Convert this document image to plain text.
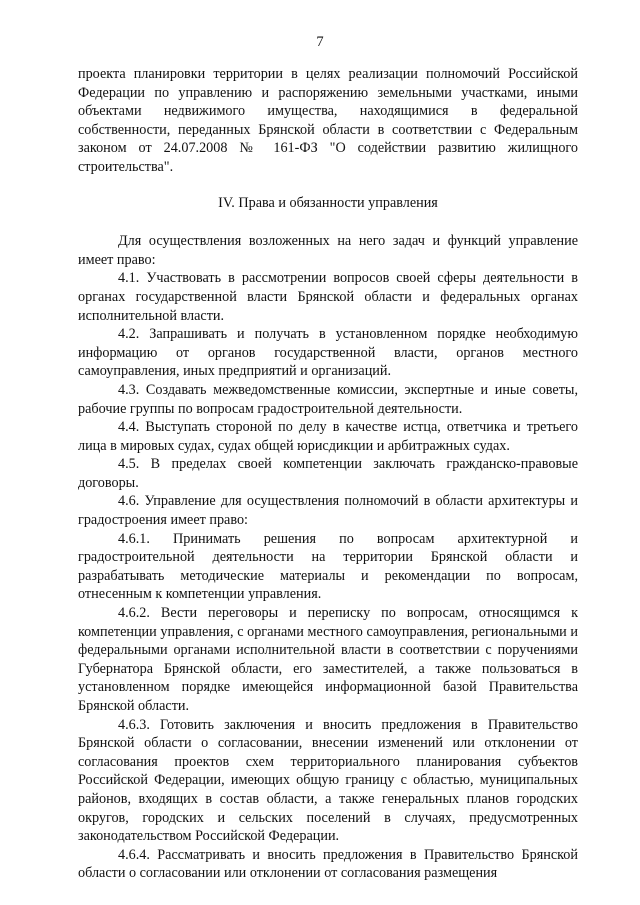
7

проекта планировки территории в целях реализации полномочий Российской Федерации по управлению и распоряжению земельными участками, иными объектами недвижимого имущества, находящимися в федеральной собственности, переданных Брянской области в соответствии с Федеральным законом от 24.07.2008 № 161-ФЗ "О содействии развитию жилищного строительства".

IV. Права и обязанности управления

Для осуществления возложенных на него задач и функций управление имеет право:

4.1. Участвовать в рассмотрении вопросов своей сферы деятельности в органах государственной власти Брянской области и федеральных органах исполнительной власти.

4.2. Запрашивать и получать в установленном порядке необходимую информацию от органов государственной власти, органов местного самоуправления, иных предприятий и организаций.

4.3. Создавать межведомственные комиссии, экспертные и иные советы, рабочие группы по вопросам градостроительной деятельности.

4.4. Выступать стороной по делу в качестве истца, ответчика и третьего лица в мировых судах, судах общей юрисдикции и арбитражных судах.

4.5. В пределах своей компетенции заключать гражданско-правовые договоры.

4.6. Управление для осуществления полномочий в области архитектуры и градостроения имеет право:

4.6.1. Принимать решения по вопросам архитектурной и градостроительной деятельности на территории Брянской области и разрабатывать методические материалы и рекомендации по вопросам, отнесенным к компетенции управления.

4.6.2. Вести переговоры и переписку по вопросам, относящимся к компетенции управления, с органами местного самоуправления, региональными и федеральными органами исполнительной власти в соответствии с поручениями Губернатора Брянской области, его заместителей, а также пользоваться в установленном порядке имеющейся информационной базой Правительства Брянской области.

4.6.3. Готовить заключения и вносить предложения в Правительство Брянской области о согласовании, внесении изменений или отклонении от согласования проектов схем территориального планирования субъектов Российской Федерации, имеющих общую границу с областью, муниципальных районов, входящих в состав области, а также генеральных планов городских округов, городских и сельских поселений в случаях, предусмотренных законодательством Российской Федерации.

4.6.4. Рассматривать и вносить предложения в Правительство Брянской области о согласовании или отклонении от согласования размещения
